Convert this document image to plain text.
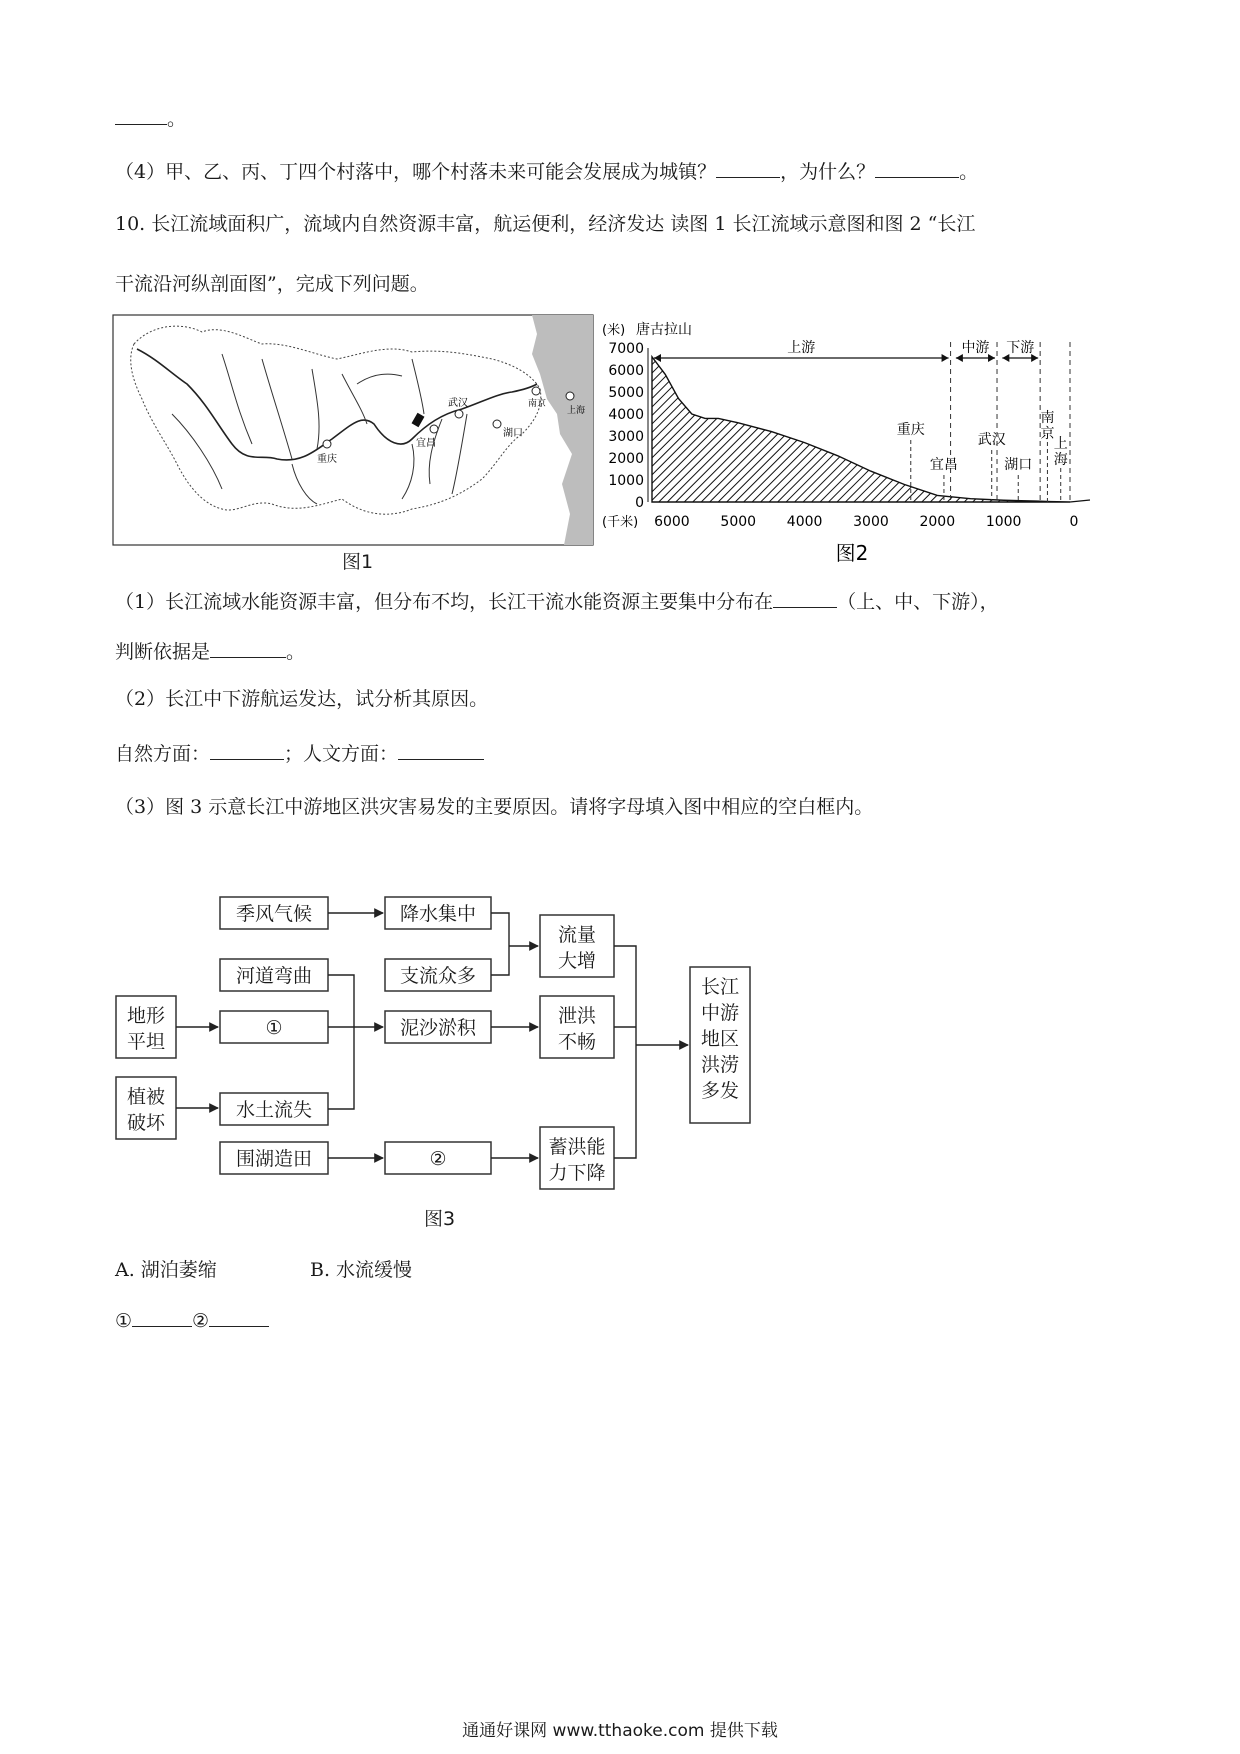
。
（4）甲、乙、丙、丁四个村落中，哪个村落未来可能会发展成为城镇？	，为什么？	。
10. 长江流域面积广，流域内自然资源丰富，航运便利，经济发达 读图 1 长江流域示意图和图 2 “长江
干流沿河纵剖面图”，完成下列问题。
重庆
宜昌
武汉
湖口
南京
上海
图1
7000
6000
5000
4000
3000
2000
1000
0
6000 5000 4000 3000 2000 1000	0
(千米)
(米) 唐古拉山
上游	中游 下游
重庆
宜昌
武汉
湖口
南
京
上
海
图2
（1）长江流域水能资源丰富，但分布不均，长江干流水能资源主要集中分布在	（上、中、下游），
判断依据是	。
（2）长江中下游航运发达，试分析其原因。
自然方面：	；人文方面：
（3）图 3 示意长江中游地区洪灾害易发的主要原因。请将字母填入图中相应的空白框内。
季风气候	降水集中
支流众多
流量
大增
河道弯曲
地形
平坦
①	泥沙淤积
泄洪
不畅
植被
破坏
水土流失
围湖造田	②
蓄洪能
力下降
长江
中游
地区
洪涝
多发
图3
A. 湖泊萎缩	B. 水流缓慢
①	②
通通好课网 www.tthaoke.com 提供下载
